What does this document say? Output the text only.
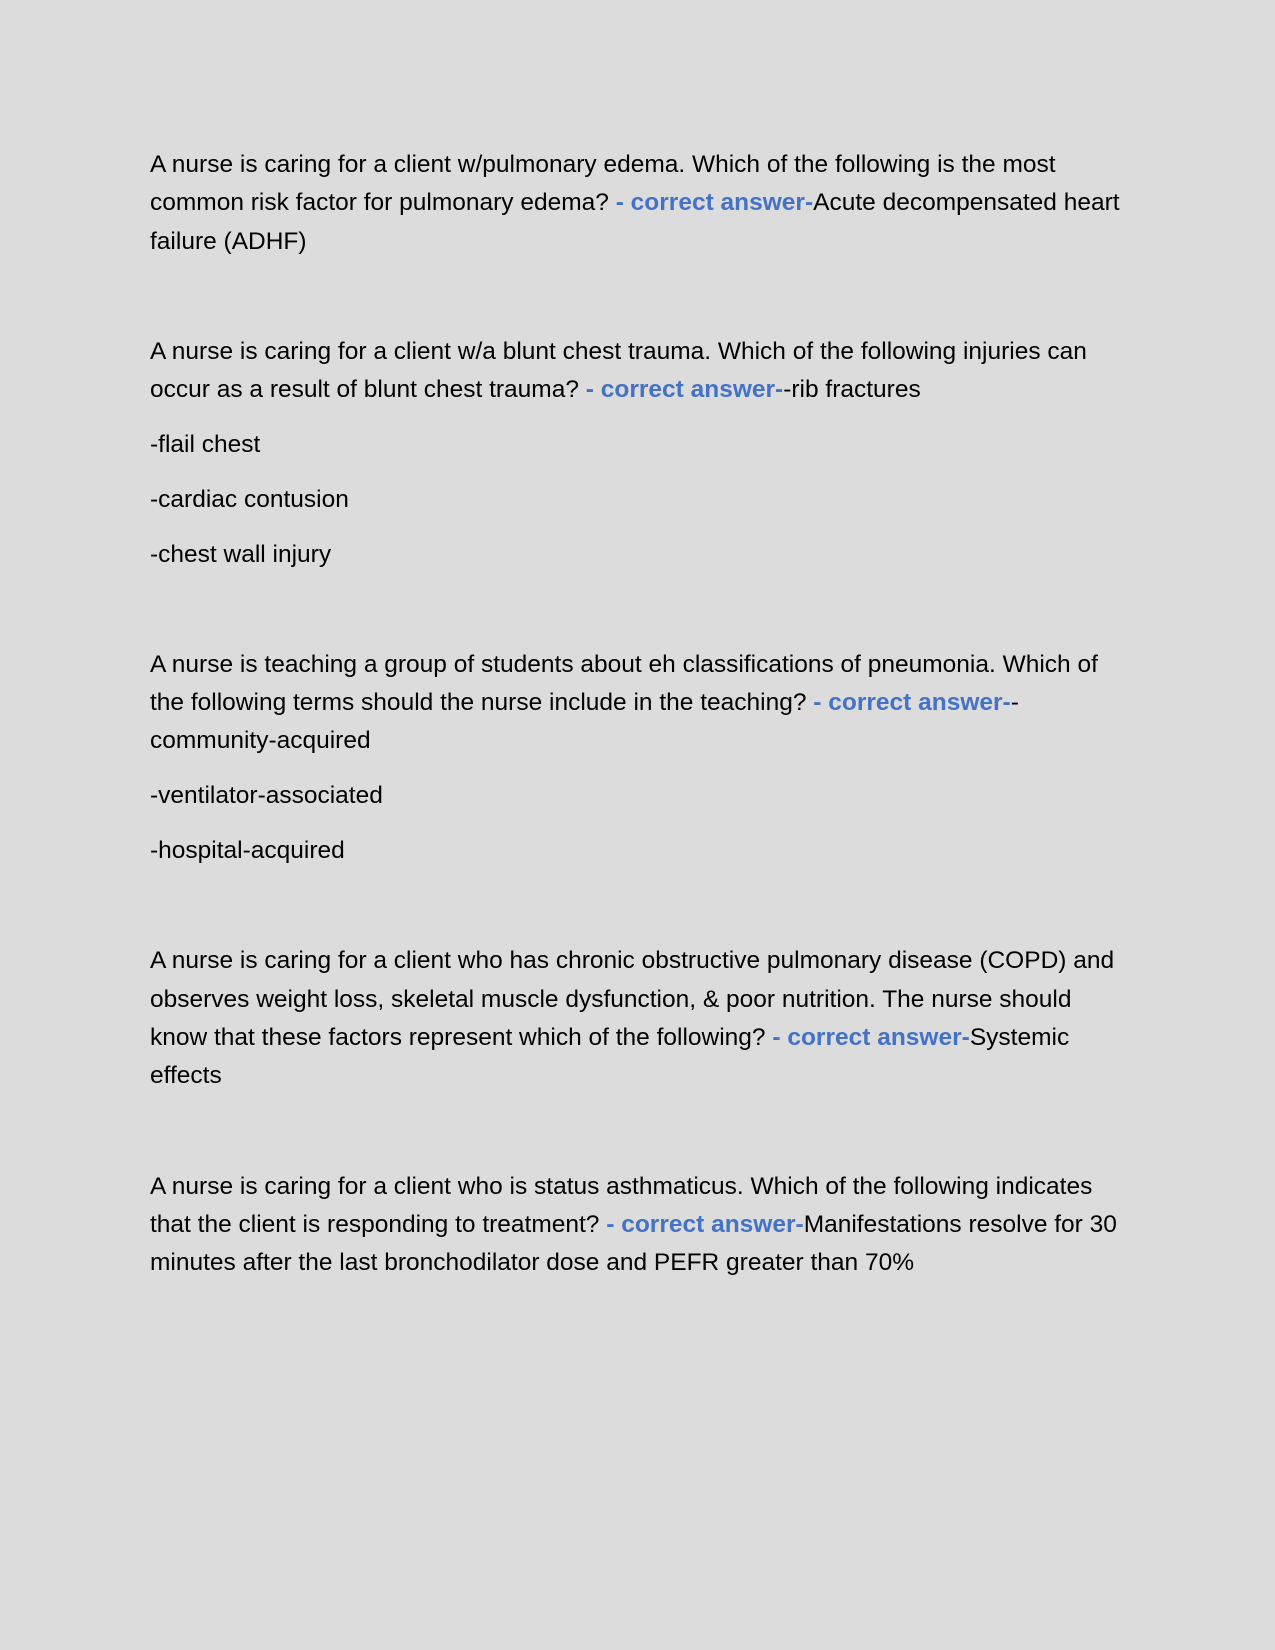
A nurse is caring for a client w/pulmonary edema. Which of the following is the most common risk factor for pulmonary edema? - correct answer-Acute decompensated heart failure (ADHF)

A nurse is caring for a client w/a blunt chest trauma. Which of the following injuries can occur as a result of blunt chest trauma? - correct answer--rib fractures

-flail chest

-cardiac contusion

-chest wall injury

A nurse is teaching a group of students about eh classifications of pneumonia. Which of the following terms should the nurse include in the teaching? - correct answer--community-acquired

-ventilator-associated

-hospital-acquired

A nurse is caring for a client who has chronic obstructive pulmonary disease (COPD) and observes weight loss, skeletal muscle dysfunction, & poor nutrition. The nurse should know that these factors represent which of the following? - correct answer-Systemic effects

A nurse is caring for a client who is status asthmaticus. Which of the following indicates that the client is responding to treatment? - correct answer-Manifestations resolve for 30 minutes after the last bronchodilator dose and PEFR greater than 70%
